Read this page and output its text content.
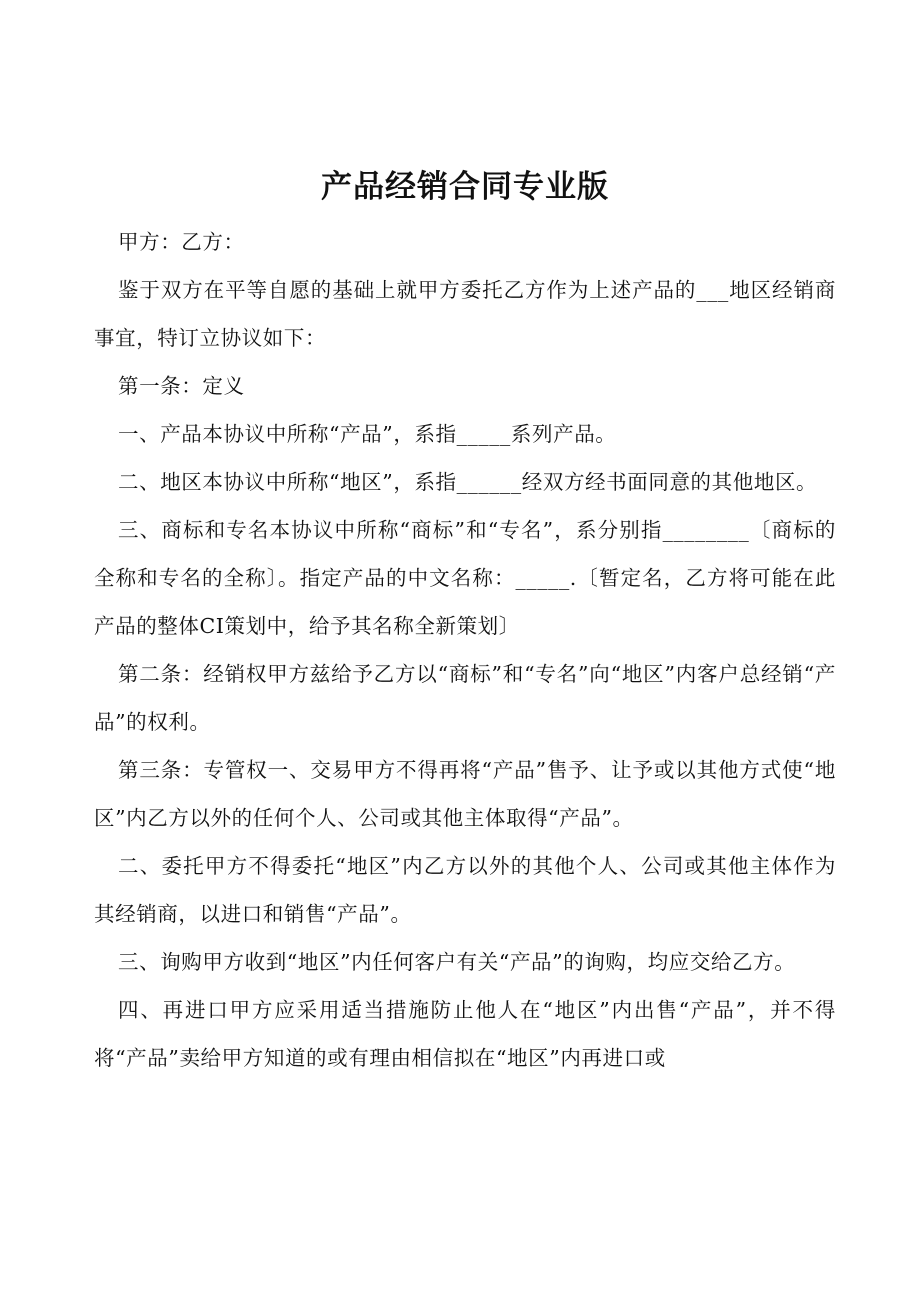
产品经销合同专业版

甲方：乙方：

鉴于双方在平等自愿的基础上就甲方委托乙方作为上述产品的___地区经销商事宜，特订立协议如下：

第一条：定义

一、产品本协议中所称“产品”，系指_____系列产品。

二、地区本协议中所称“地区”，系指______经双方经书面同意的其他地区。

三、商标和专名本协议中所称“商标”和“专名”，系分别指________〔商标的全称和专名的全称〕。指定产品的中文名称：_____.〔暂定名，乙方将可能在此产品的整体CI策划中，给予其名称全新策划〕

第二条：经销权甲方兹给予乙方以“商标”和“专名”向“地区”内客户总经销“产品”的权利。

第三条：专管权一、交易甲方不得再将“产品”售予、让予或以其他方式使“地区”内乙方以外的任何个人、公司或其他主体取得“产品”。

二、委托甲方不得委托“地区”内乙方以外的其他个人、公司或其他主体作为其经销商，以进口和销售“产品”。

三、询购甲方收到“地区”内任何客户有关“产品”的询购，均应交给乙方。

四、再进口甲方应采用适当措施防止他人在“地区”内出售“产品”，并不得将“产品”卖给甲方知道的或有理由相信拟在“地区”内再进口或
